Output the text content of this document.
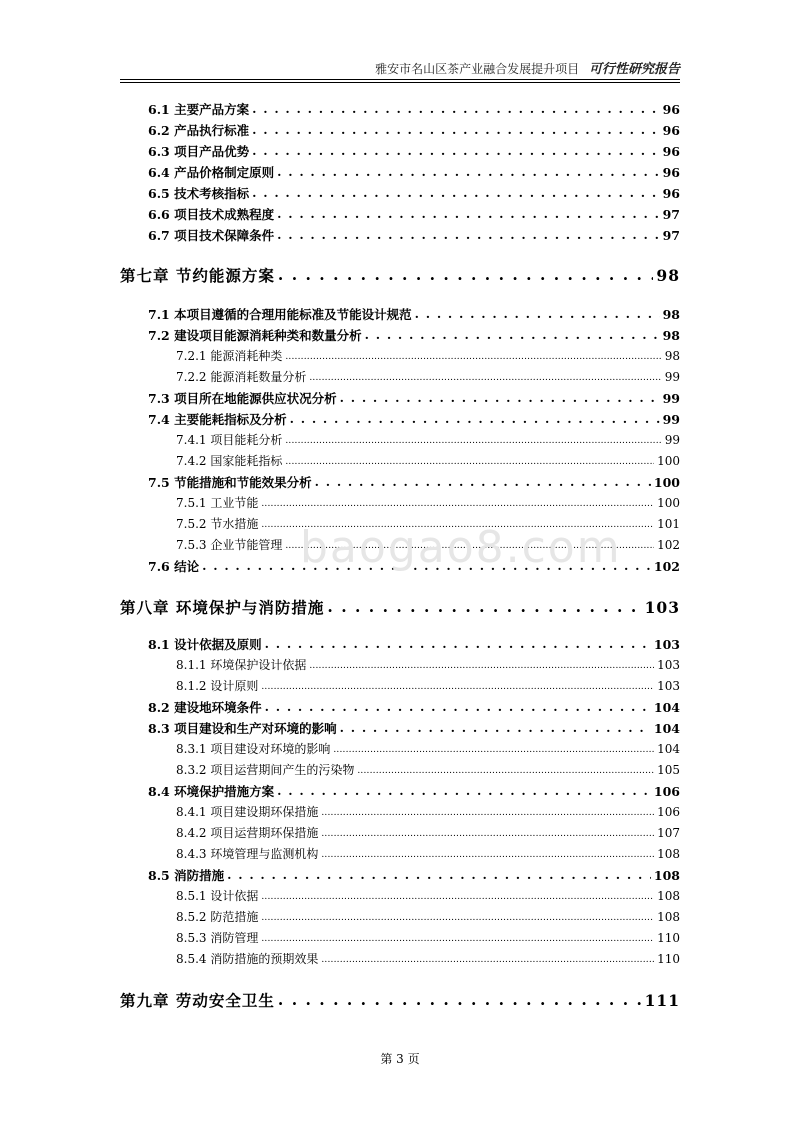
雅安市名山区茶产业融合发展提升项目 可行性研究报告
6.1 主要产品方案 . . .	96
6.2 产品执行标准 . . .	96
6.3 项目产品优势 . . .	96
6.4 产品价格制定原则 . . .	96
6.5 技术考核指标 . . .	96
6.6 项目技术成熟程度 . . .	97
6.7 项目技术保障条件 . . .	97
第七章 节约能源方案 . . .	98
7.1 本项目遵循的合理用能标准及节能设计规范 . . .	98
7.2 建设项目能源消耗种类和数量分析 . . .	98
7.2.1 能源消耗种类 .....	98
7.2.2 能源消耗数量分析 .....	99
7.3 项目所在地能源供应状况分析 . . .	99
7.4 主要能耗指标及分析 . . .	99
7.4.1 项目能耗分析 .....	99
7.4.2 国家能耗指标 .....	100
7.5 节能措施和节能效果分析 . . .	100
7.5.1 工业节能 .....	100
7.5.2 节水措施 .....	101
7.5.3 企业节能管理 .....	102
7.6 结论 . . .	102
第八章 环境保护与消防措施 . . .	103
8.1 设计依据及原则 . . .	103
8.1.1 环境保护设计依据 .....	103
8.1.2 设计原则 .....	103
8.2 建设地环境条件 . . .	104
8.3 项目建设和生产对环境的影响 . . .	104
8.3.1 项目建设对环境的影响 .....	104
8.3.2 项目运营期间产生的污染物 .....	105
8.4 环境保护措施方案 . . .	106
8.4.1 项目建设期环保措施 .....	106
8.4.2 项目运营期环保措施 .....	107
8.4.3 环境管理与监测机构 .....	108
8.5 消防措施 . . .	108
8.5.1 设计依据 .....	108
8.5.2 防范措施 .....	108
8.5.3 消防管理 .....	110
8.5.4 消防措施的预期效果 .....	110
第九章 劳动安全卫生 . . .	111
baogao8.com
第 3 页
